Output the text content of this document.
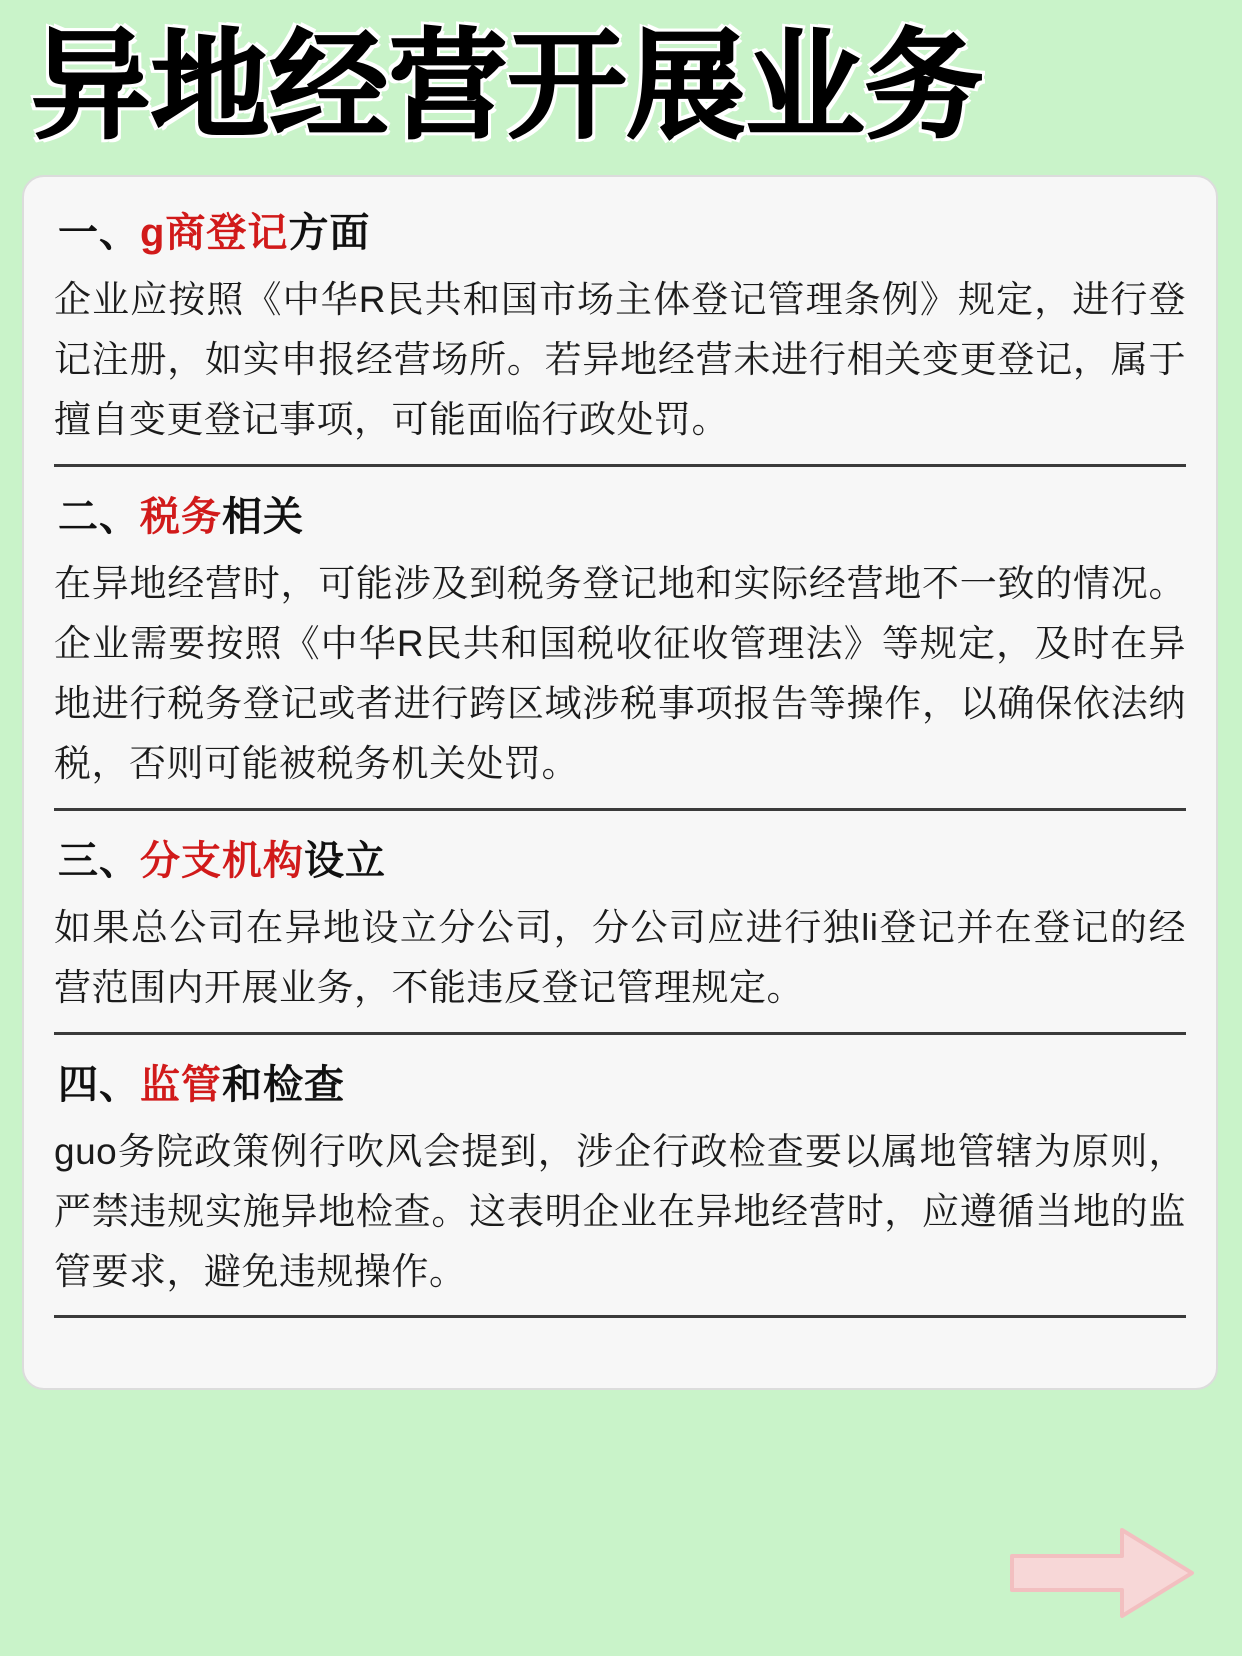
异地经营开展业务
一、g商登记方面

企业应按照《中华R民共和国市场主体登记管理条例》规定，进行登记注册，如实申报经营场所。若异地经营未进行相关变更登记，属于擅自变更登记事项，可能面临行政处罚。

二、税务相关

在异地经营时，可能涉及到税务登记地和实际经营地不一致的情况。企业需要按照《中华R民共和国税收征收管理法》等规定，及时在异地进行税务登记或者进行跨区域涉税事项报告等操作，以确保依法纳税，否则可能被税务机关处罚。

三、分支机构设立

如果总公司在异地设立分公司，分公司应进行独li登记并在登记的经营范围内开展业务，不能违反登记管理规定。

四、监管和检查

guo务院政策例行吹风会提到，涉企行政检查要以属地管辖为原则，严禁违规实施异地检查。这表明企业在异地经营时，应遵循当地的监管要求，避免违规操作。
